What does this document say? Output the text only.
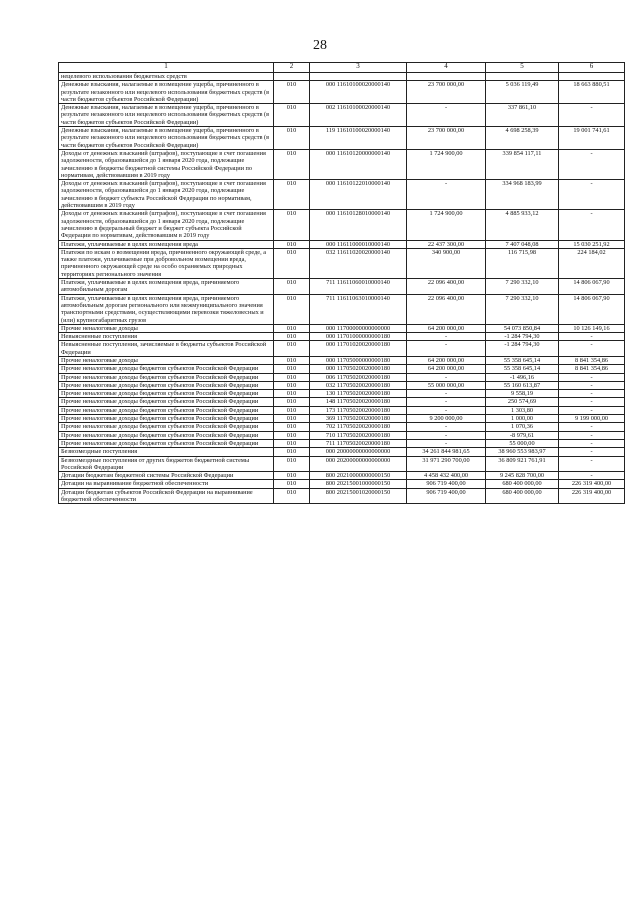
28
1	2	3	4	5	6
нецелевого использования бюджетных средств					
Денежные взыскания, налагаемые в возмещение ущерба, причиненного в результате незаконного или нецелевого использования бюджетных средств (в части бюджетов субъектов Российской Федерации)	010	000 11610100020000140	23 700 000,00	5 036 119,49	18 663 880,51
Денежные взыскания, налагаемые в возмещение ущерба, причиненного в результате незаконного или нецелевого использования бюджетных средств (в части бюджетов субъектов Российской Федерации)	010	002 11610100020000140	-	337 861,10	-
Денежные взыскания, налагаемые в возмещение ущерба, причиненного в результате незаконного или нецелевого использования бюджетных средств (в части бюджетов субъектов Российской Федерации)	010	119 11610100020000140	23 700 000,00	4 698 258,39	19 001 741,61
Доходы от денежных взысканий (штрафов), поступающие в счет погашения задолженности, образовавшейся до 1 января 2020 года, подлежащие зачислению в бюджеты бюджетной системы Российской Федерации по нормативам, действовавшим в 2019 году	010	000 11610120000000140	1 724 900,00	339 854 117,11	-
Доходы от денежных взысканий (штрафов), поступающие в счет погашения задолженности, образовавшейся до 1 января 2020 года, подлежащие зачислению в бюджет субъекта Российской Федерации по нормативам, действовавшим в 2019 году	010	000 11610122010000140	-	334 968 183,99	-
Доходы от денежных взысканий (штрафов), поступающие в счет погашения задолженности, образовавшейся до 1 января 2020 года, подлежащие зачислению в федеральный бюджет и бюджет субъекта Российской Федерации по нормативам, действовавшим в 2019 году	010	000 11610128010000140	1 724 900,00	4 885 933,12	-
Платежи, уплачиваемые в целях возмещения вреда	010	000 11611000010000140	22 437 300,00	7 407 048,08	15 030 251,92
Платежи по искам о возмещении вреда, причиненного окружающей среде, а также платежи, уплачиваемые при добровольном возмещении вреда, причиненного окружающей среде на особо охраняемых природных территориях регионального значения	010	032 11611020020000140	340 900,00	116 715,98	224 184,02
Платежи, уплачиваемые в целях возмещения вреда, причиняемого автомобильным дорогам	010	711 11611060010000140	22 096 400,00	7 290 332,10	14 806 067,90
Платежи, уплачиваемые в целях возмещения вреда, причиняемого автомобильным дорогам регионального или межмуниципального значения транспортными средствами, осуществляющими перевозки тяжеловесных и (или) крупногабаритных грузов	010	711 11611063010000140	22 096 400,00	7 290 332,10	14 806 067,90
Прочие неналоговые доходы	010	000 11700000000000000	64 200 000,00	54 073 850,84	10 126 149,16
Невыясненные поступления	010	000 11701000000000180	-	-1 284 794,30	-
Невыясненные поступления, зачисляемые в бюджеты субъектов Российской Федерации	010	000 11701020020000180	-	-1 284 794,30	-
Прочие неналоговые доходы	010	000 11705000000000180	64 200 000,00	55 358 645,14	8 841 354,86
Прочие неналоговые доходы бюджетов субъектов Российской Федерации	010	000 11705020020000180	64 200 000,00	55 358 645,14	8 841 354,86
Прочие неналоговые доходы бюджетов субъектов Российской Федерации	010	006 11705020020000180	-	-1 496,16	-
Прочие неналоговые доходы бюджетов субъектов Российской Федерации	010	032 11705020020000180	55 000 000,00	55 160 613,87	-
Прочие неналоговые доходы бюджетов субъектов Российской Федерации	010	130 11705020020000180	-	9 558,19	-
Прочие неналоговые доходы бюджетов субъектов Российской Федерации	010	148 11705020020000180	-	250 574,69	-
Прочие неналоговые доходы бюджетов субъектов Российской Федерации	010	173 11705020020000180	-	1 303,80	-
Прочие неналоговые доходы бюджетов субъектов Российской Федерации	010	369 11705020020000180	9 200 000,00	1 000,00	9 199 000,00
Прочие неналоговые доходы бюджетов субъектов Российской Федерации	010	702 11705020020000180	-	1 070,36	-
Прочие неналоговые доходы бюджетов субъектов Российской Федерации	010	710 11705020020000180	-	-8 979,61	-
Прочие неналоговые доходы бюджетов субъектов Российской Федерации	010	711 11705020020000180	-	55 000,00	-
Безвозмездные поступления	010	000 20000000000000000	34 261 844 981,65	38 960 553 983,97	-
Безвозмездные поступления от других бюджетов бюджетной системы Российской Федерации	010	000 20200000000000000	31 971 290 700,00	36 809 921 761,91	-
Дотации бюджетам бюджетной системы Российской Федерации	010	800 20210000000000150	4 458 432 400,00	9 245 828 700,00	-
Дотации на выравнивание бюджетной обеспеченности	010	800 20215001000000150	906 719 400,00	680 400 000,00	226 319 400,00
Дотации бюджетам субъектов Российской Федерации на выравнивание бюджетной обеспеченности	010	800 20215001020000150	906 719 400,00	680 400 000,00	226 319 400,00
